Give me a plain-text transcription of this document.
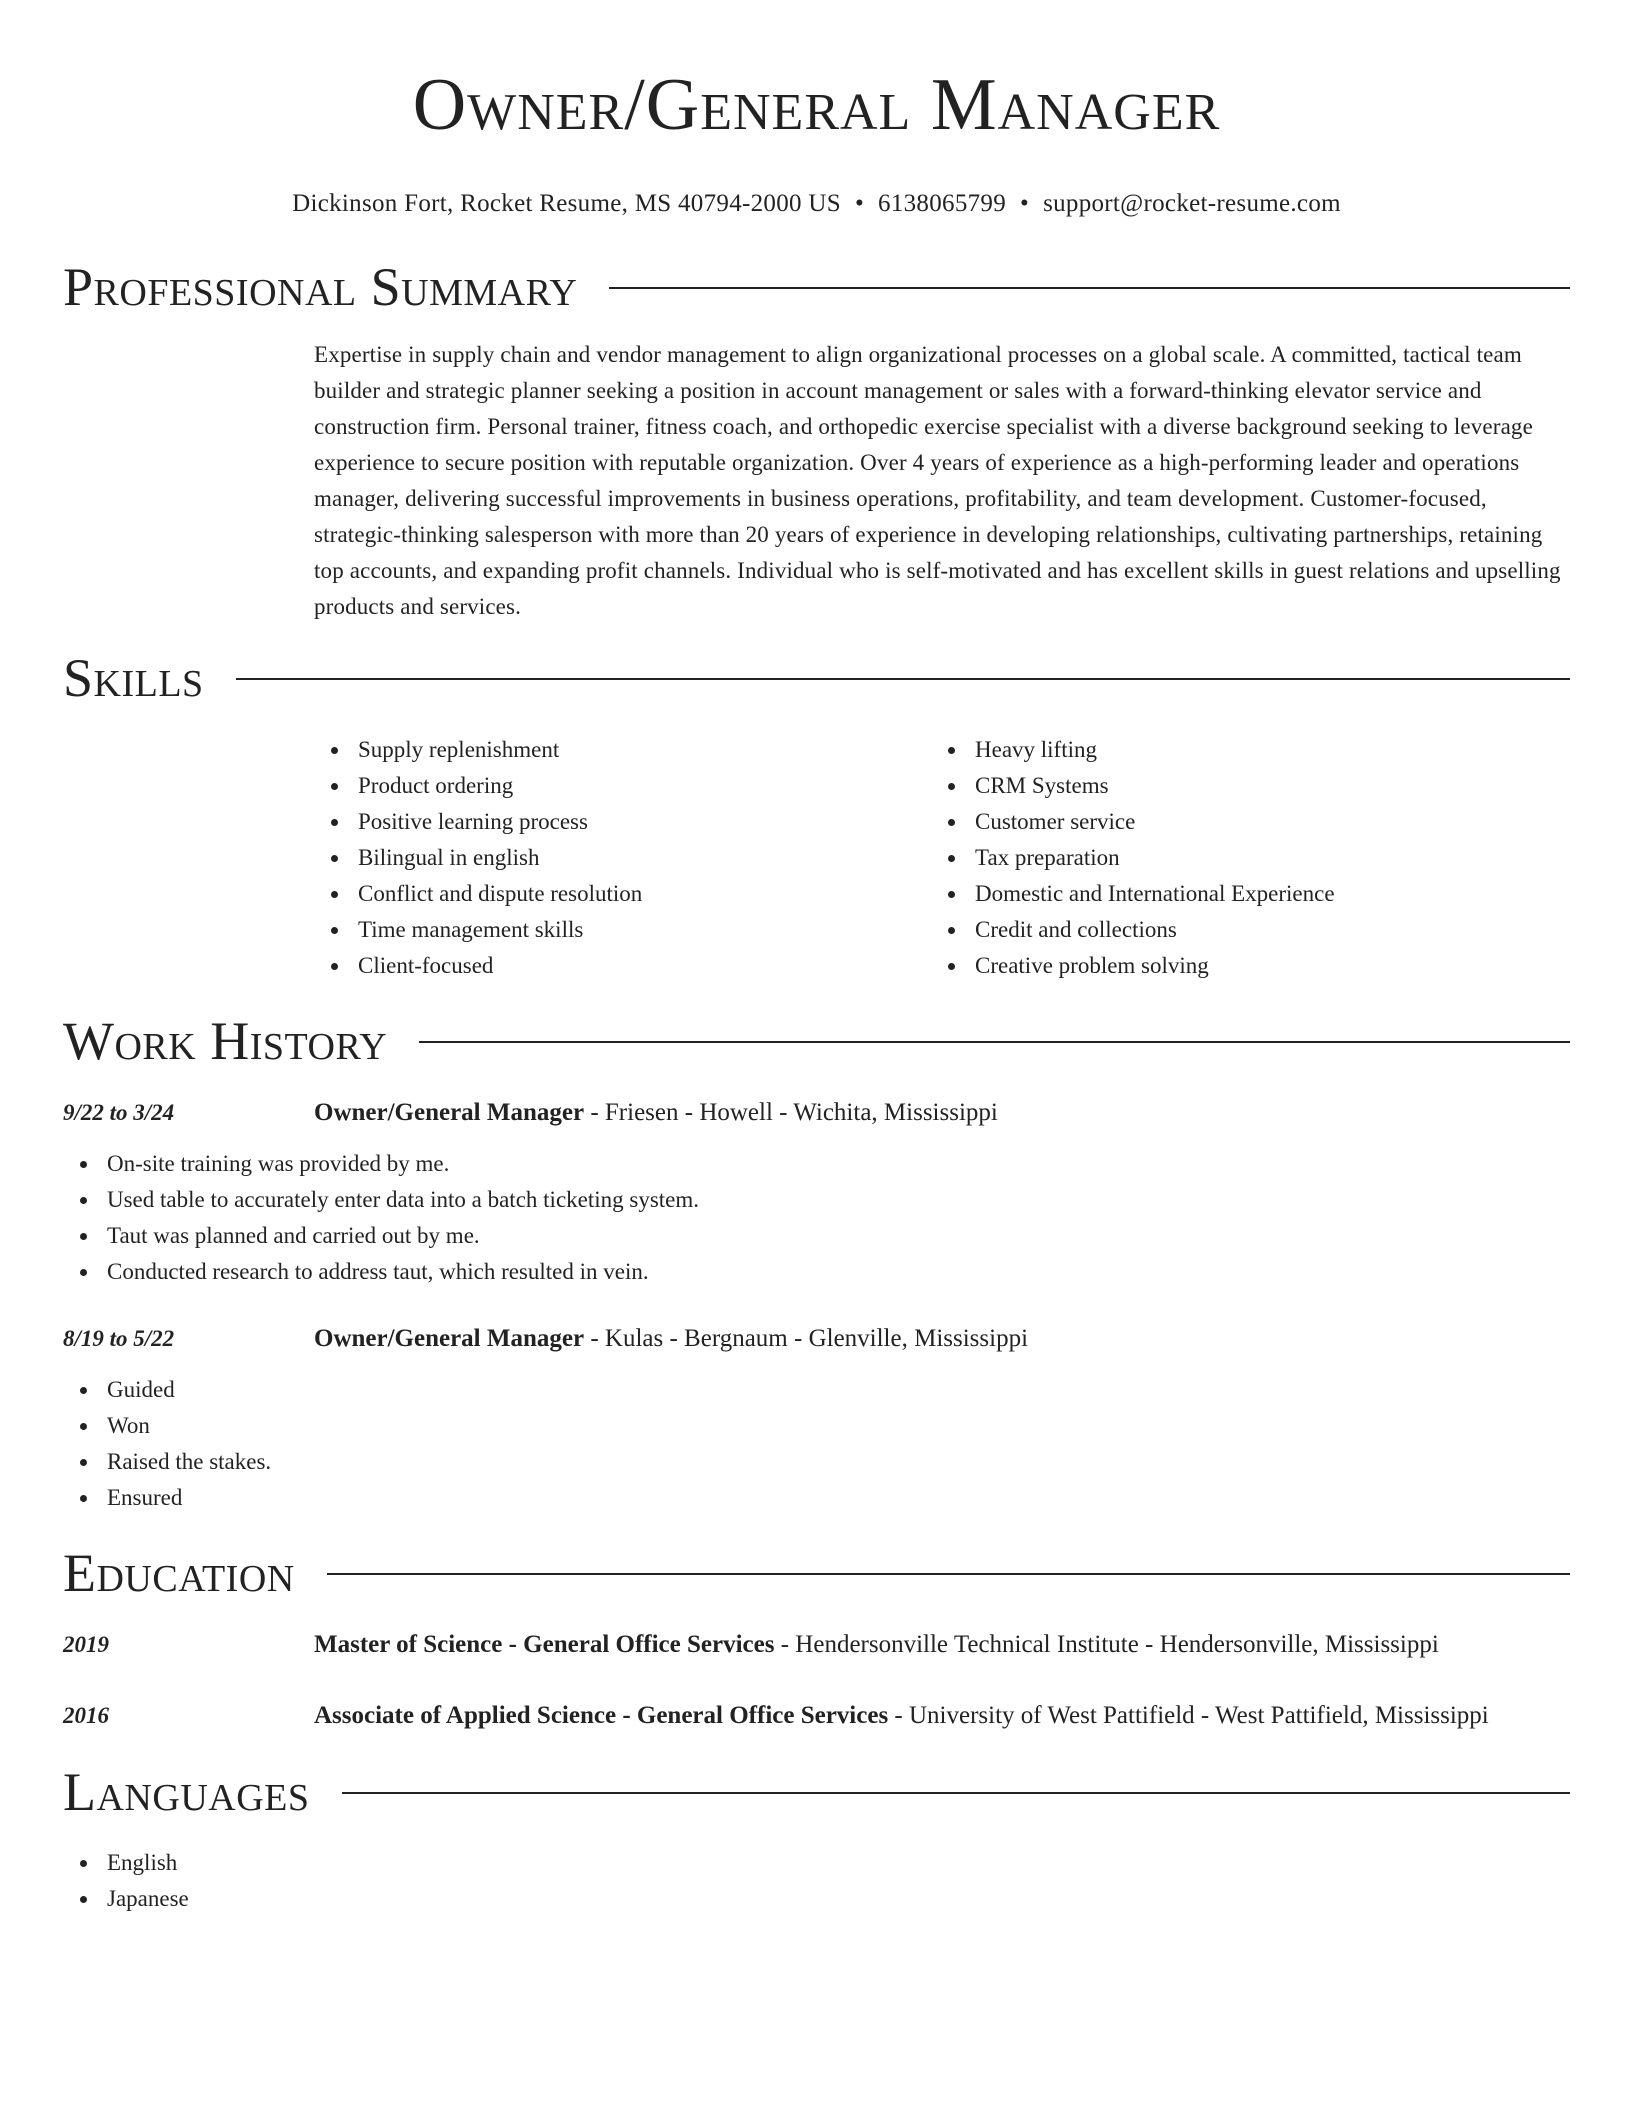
Owner/General Manager
Dickinson Fort, Rocket Resume, MS 40794-2000 US • 6138065799 • support@rocket-resume.com
Professional Summary

Expertise in supply chain and vendor management to align organizational processes on a global scale. A committed, tactical team builder and strategic planner seeking a position in account management or sales with a forward-thinking elevator service and construction firm. Personal trainer, fitness coach, and orthopedic exercise specialist with a diverse background seeking to leverage experience to secure position with reputable organization. Over 4 years of experience as a high-performing leader and operations manager, delivering successful improvements in business operations, profitability, and team development. Customer-focused, strategic-thinking salesperson with more than 20 years of experience in developing relationships, cultivating partnerships, retaining top accounts, and expanding profit channels. Individual who is self-motivated and has excellent skills in guest relations and upselling products and services.

Skills
Supply replenishment
Product ordering
Positive learning process
Bilingual in english
Conflict and dispute resolution
Time management skills
Client-focused
Heavy lifting
CRM Systems
Customer service
Tax preparation
Domestic and International Experience
Credit and collections
Creative problem solving
Work History
9/22 to 3/24	Owner/General Manager - Friesen - Howell - Wichita, Mississippi
On-site training was provided by me.
Used table to accurately enter data into a batch ticketing system.
Taut was planned and carried out by me.
Conducted research to address taut, which resulted in vein.
8/19 to 5/22	Owner/General Manager - Kulas - Bergnaum - Glenville, Mississippi
Guided
Won
Raised the stakes.
Ensured
Education
2019	Master of Science - General Office Services - Hendersonville Technical Institute - Hendersonville, Mississippi
2016	Associate of Applied Science - General Office Services - University of West Pattifield - West Pattifield, Mississippi
Languages
English
Japanese
